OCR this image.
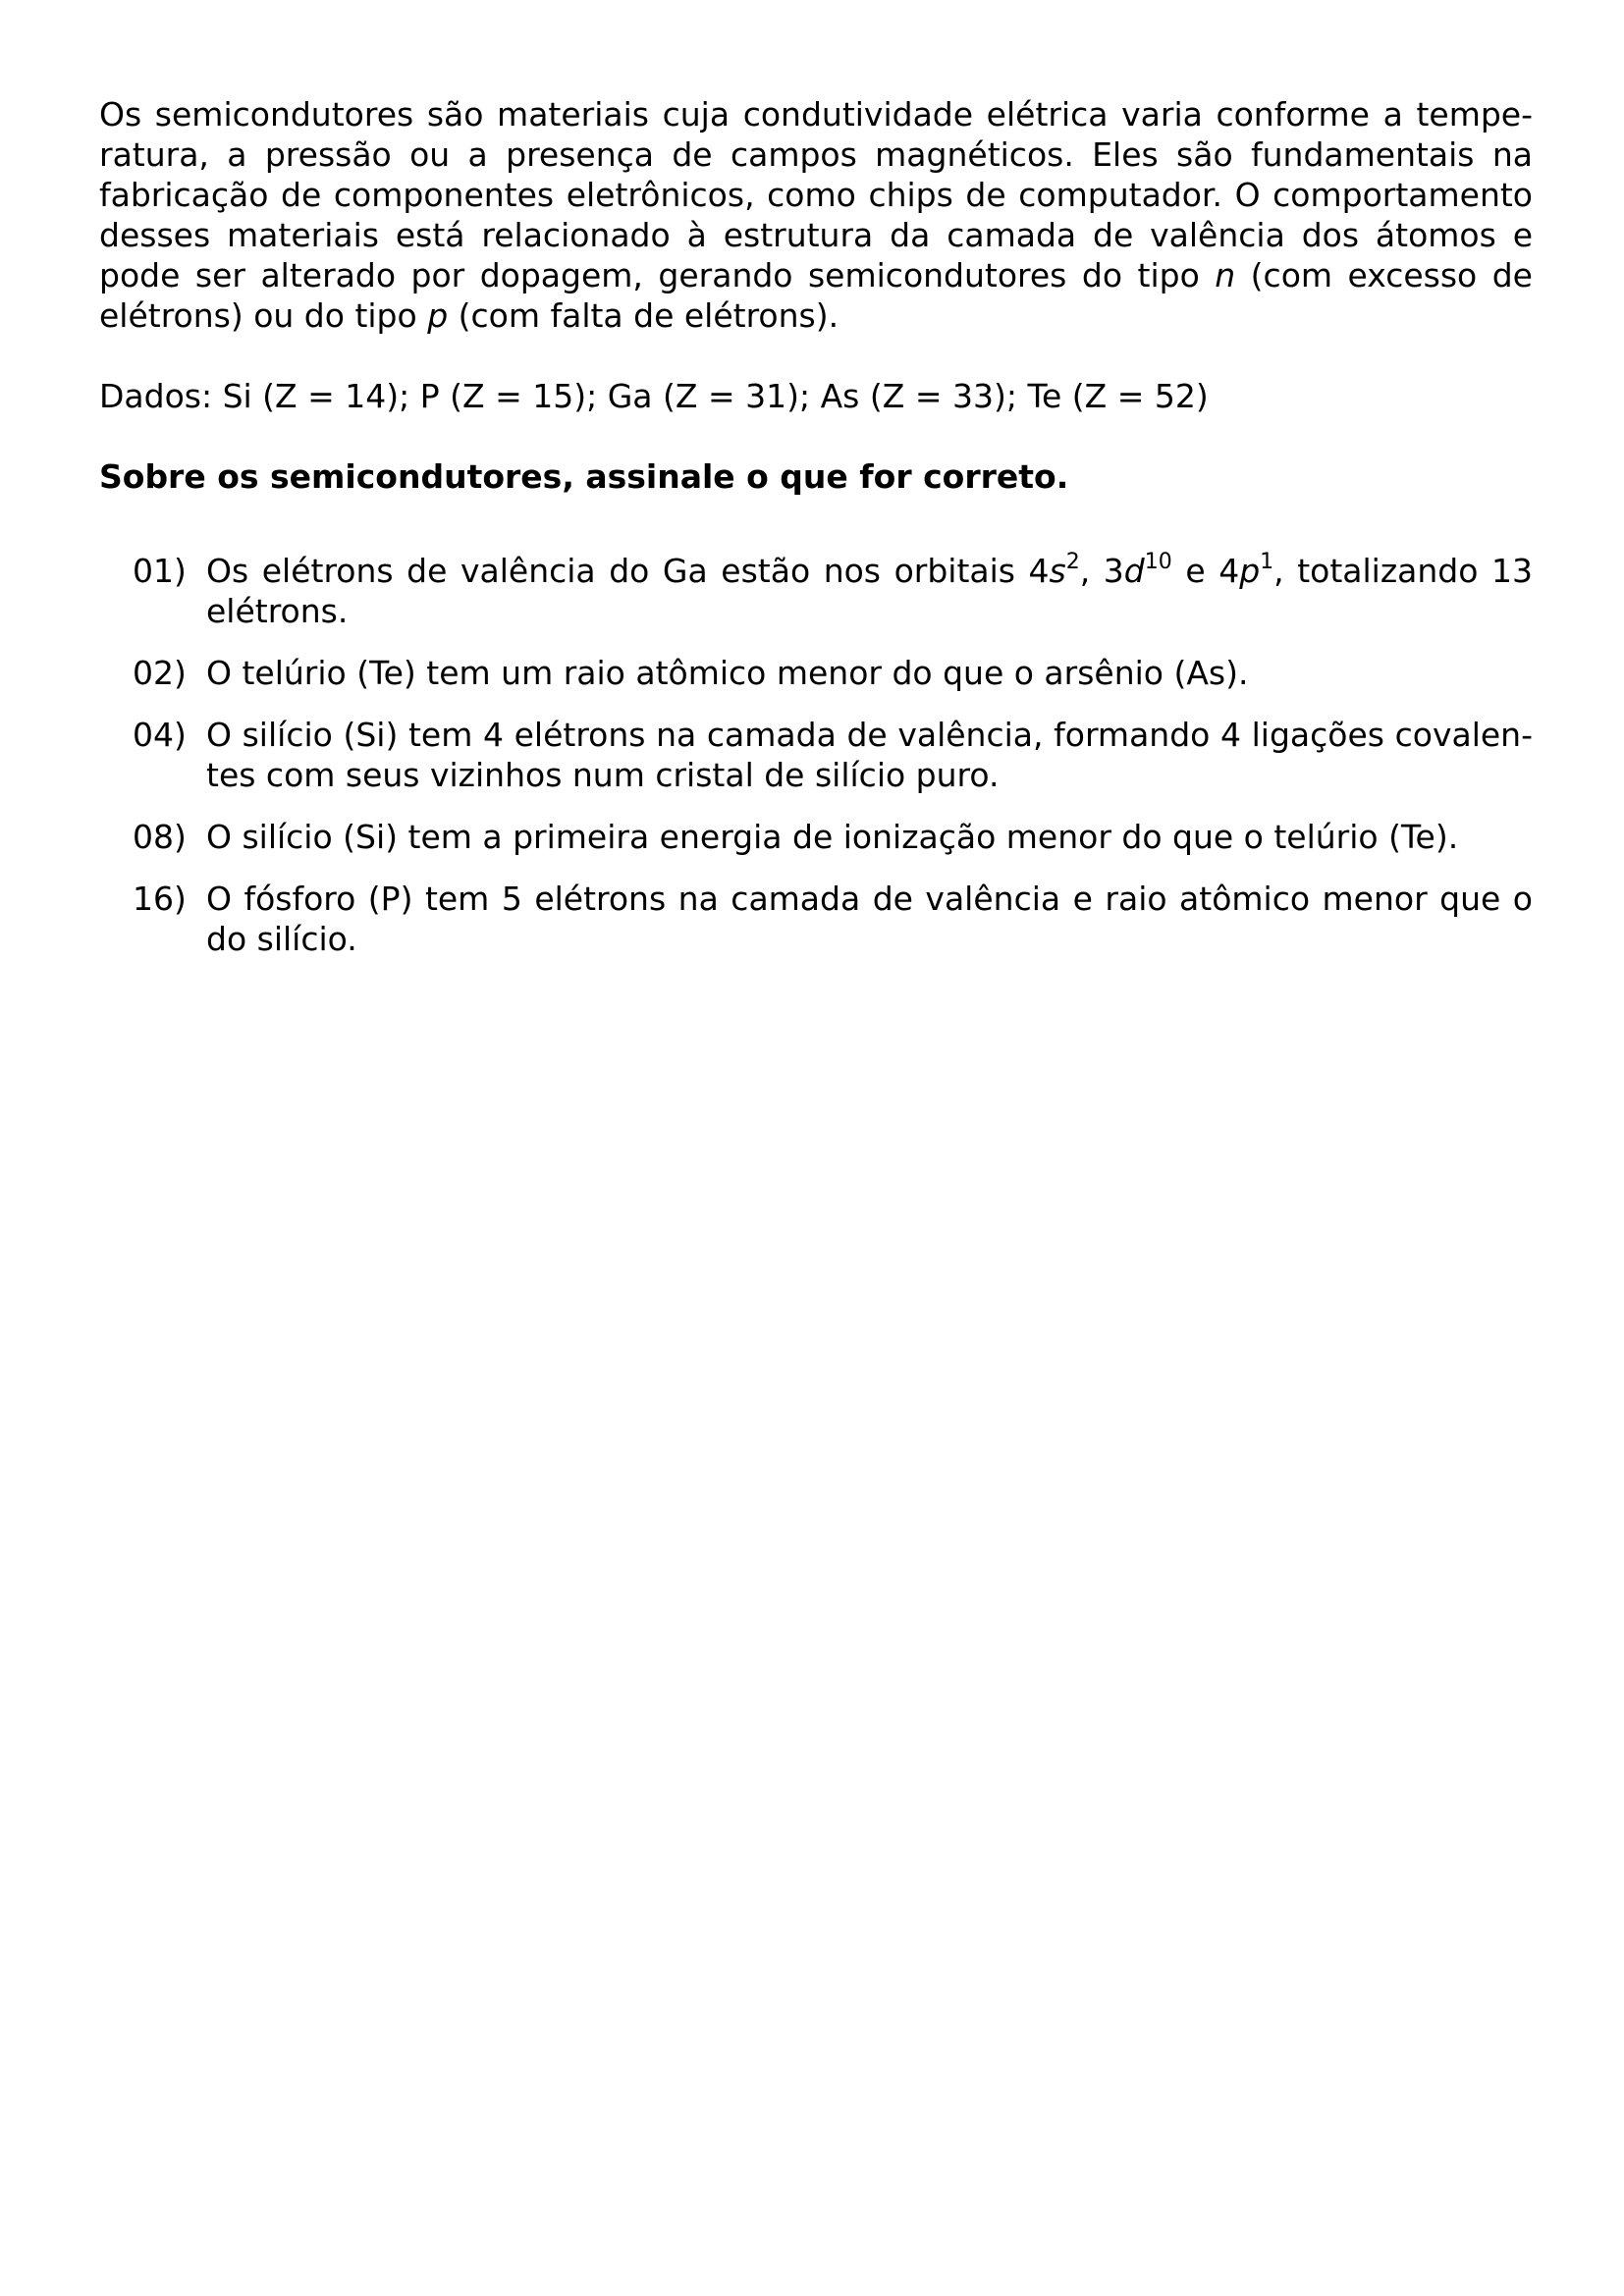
Os semicondutores são materiais cuja condutividade elétrica varia conforme a tempe-ratura, a pressão ou a presença de campos magnéticos. Eles são fundamentais na fabricação de componentes eletrônicos, como chips de computador. O comportamento desses materiais está relacionado à estrutura da camada de valência dos átomos e pode ser alterado por dopagem, gerando semicondutores do tipo n (com excesso de elétrons) ou do tipo p (com falta de elétrons).

Dados: Si (Z = 14); P (Z = 15); Ga (Z = 31); As (Z = 33); Te (Z = 52)

Sobre os semicondutores, assinale o que for correto.

01) Os elétrons de valência do Ga estão nos orbitais $4s^2$, $3d^{10}$ e $4p^1$, totalizando 13 elétrons.
02) O telúrio (Te) tem um raio atômico menor do que o arsênio (As).
04) O silício (Si) tem 4 elétrons na camada de valência, formando 4 ligações covalen-tes com seus vizinhos num cristal de silício puro.
08) O silício (Si) tem a primeira energia de ionização menor do que o telúrio (Te).
16) O fósforo (P) tem 5 elétrons na camada de valência e raio atômico menor que o do silício.
